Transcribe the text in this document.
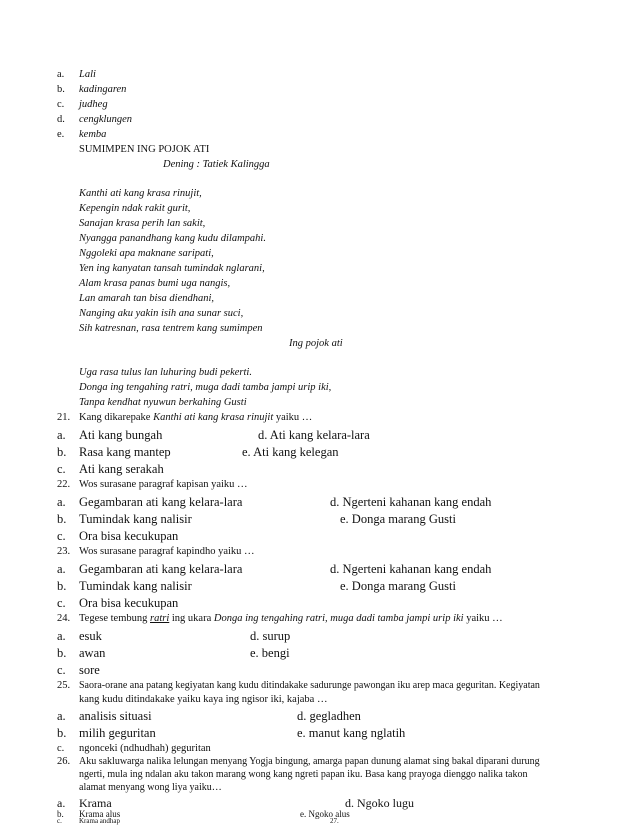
a. Lali
b. kadingaren
c. judheg
d. cengklungen
e. kemba
SUMIMPEN ING POJOK ATI
Dening : Tatiek Kalingga
Kanthi ati kang krasa rinujit,
Kepengin ndak rakit gurit,
Sanajan krasa perih lan sakit,
Nyangga panandhang kang kudu dilampahi.
Nggoleki apa maknane saripati,
Yen ing kanyatan tansah tumindak nglarani,
Alam krasa panas bumi uga nangis,
Lan amarah tan bisa diendhani,
Nanging aku yakin isih ana sunar suci,
Sih katresnan, rasa tentrem kang sumimpen
Ing pojok ati
Uga rasa tulus lan luhuring budi pekerti.
Donga ing tengahing ratri, muga dadi tamba jampi urip iki,
Tanpa kendhat nyuwun berkahing Gusti
21. Kang dikarepake Kanthi ati kang krasa rinujit yaiku …
a. Ati kang bungah	d. Ati kang kelara-lara
b. Rasa kang mantep	e. Ati kang kelegan
c. Ati kang serakah
22. Wos surasane paragraf kapisan yaiku …
a. Gegambaran ati kang kelara-lara	d. Ngerteni kahanan kang endah
b. Tumindak kang nalisir	e. Donga marang Gusti
c. Ora bisa kecukupan
23. Wos surasane paragraf kapindho yaiku …
a. Gegambaran ati kang kelara-lara	d. Ngerteni kahanan kang endah
b. Tumindak kang nalisir	e. Donga marang Gusti
c. Ora bisa kecukupan
24. Tegese tembung ratri ing ukara Donga ing tengahing ratri, muga dadi tamba jampi urip iki yaiku …
a. esuk	d. surup
b. awan	e. bengi
c. sore
25. Saora-orane ana patang kegiyatan kang kudu ditindakake sadurunge pawongan iku arep maca geguritan. Kegiyatan
kang kudu ditindakake yaiku kaya ing ngisor iki, kajaba …
a. analisis situasi	d. gegladhen
b. milih geguritan	e. manut kang nglatih
c. ngonceki (ndhudhah) geguritan
26. Aku sakluwarga nalika lelungan menyang Yogja bingung, amarga papan dunung alamat sing bakal diparani durung
ngerti, mula ing ndalan aku takon marang wong kang ngreti papan iku. Basa kang prayoga dienggo nalika takon
alamat menyang wong liya yaiku…
a. Krama	d. Ngoko lugu
b. Krama alus	e. Ngoko alus
c. Krama andhap	27.
